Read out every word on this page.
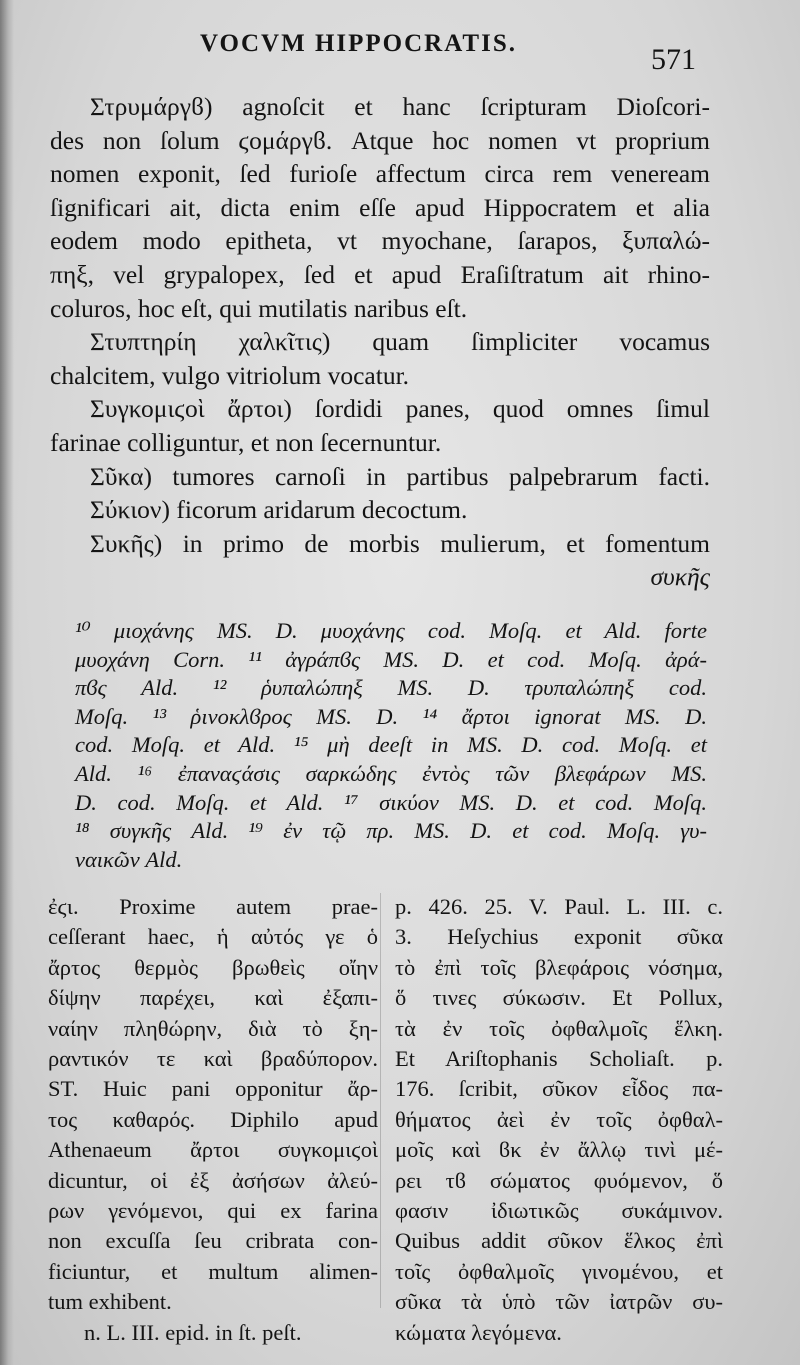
VOCVM HIPPOCRATIS.	571

Στρυμάργϐ) agnoſcit et hanc ſcripturam Dioſcori-

des non ſolum ϛομάργϐ. Atque hoc nomen vt proprium

nomen exponit, ſed furioſe affectum circa rem veneream

ſignificari ait, dicta enim eſſe apud Hippocratem et alia

eodem modo epitheta, vt myochane, ſarapos, ξυπαλώ-

πηξ, vel grypalopex, ſed et apud Eraſiſtratum ait rhino-

coluros, hoc eſt, qui mutilatis naribus eſt.

Στυπτηρίη χαλκῖτις) quam ſimpliciter vocamus

chalcitem, vulgo vitriolum vocatur.

Συγκομιϛοὶ ἄρτοι) ſordidi panes, quod omnes ſimul

farinae colliguntur, et non ſecernuntur.

Σῦκα) tumores carnoſi in partibus palpebrarum facti.

Σύκιον) ficorum aridarum decoctum.

Συκῆς) in primo de morbis mulierum, et fomentum

συκῆς

¹⁰ μιοχάνης MS. D. μυοχάνης cod. Moſq. et Ald. forte

μυοχάνη Corn. ¹¹ ἀγράπϐς MS. D. et cod. Moſq. ἀρά-

πϐς Ald. ¹² ῥυπαλώπηξ MS. D. τρυπαλώπηξ cod.

Moſq. ¹³ ῥινοκλϐρος MS. D. ¹⁴ ἄρτοι ignorat MS. D.

cod. Moſq. et Ald. ¹⁵ μὴ deeſt in MS. D. cod. Moſq. et

Ald. ¹⁶ ἐπαναϛάσις σαρκώδης ἐντὸς τῶν βλεφάρων MS.

D. cod. Moſq. et Ald. ¹⁷ σικύον MS. D. et cod. Moſq.

¹⁸ συγκῆς Ald. ¹⁹ ἐν τῷ πρ. MS. D. et cod. Moſq. γυ-

ναικῶν Ald.

ἐϛι. Proxime autem prae-

ceſſerant haec, ἡ αὐτός γε ὁ

ἄρτος θερμὸς βρωθεὶς οἴην

δίψην παρέχει, καὶ ἐξαπι-

ναίην πληθώρην, διὰ τὸ ξη-

ραντικόν τε καὶ βραδύπορον.

ST. Huic pani opponitur ἄρ-

τος καθαρός. Diphilo apud

Athenaeum ἄρτοι συγκομιϛοὶ

dicuntur, οἱ ἐξ ἀσήσων ἀλεύ-

ρων γενόμενοι, qui ex farina

non excuſſa ſeu cribrata con-

ficiuntur, et multum alimen-

tum exhibent.

n. L. III. epid. in ſt. peſt.

p. 426. 25. V. Paul. L. III. c.

3. Heſychius exponit σῦκα

τὸ ἐπὶ τοῖς βλεφάροις νόσημα,

ὅ τινες σύκωσιν. Et Pollux,

τὰ ἐν τοῖς ὀφθαλμοῖς ἕλκη.

Et Ariſtophanis Scholiaſt. p.

176. ſcribit, σῦκον εἶδος πα-

θήματος ἀεὶ ἐν τοῖς ὀφθαλ-

μοῖς καὶ ϐκ ἐν ἄλλῳ τινὶ μέ-

ρει τϐ σώματος φυόμενον, ὅ

φασιν ἰδιωτικῶς συκάμινον.

Quibus addit σῦκον ἕλκος ἐπὶ

τοῖς ὀφθαλμοῖς γινομένου, et

σῦκα τὰ ὑπὸ τῶν ἰατρῶν συ-

κώματα λεγόμενα.
